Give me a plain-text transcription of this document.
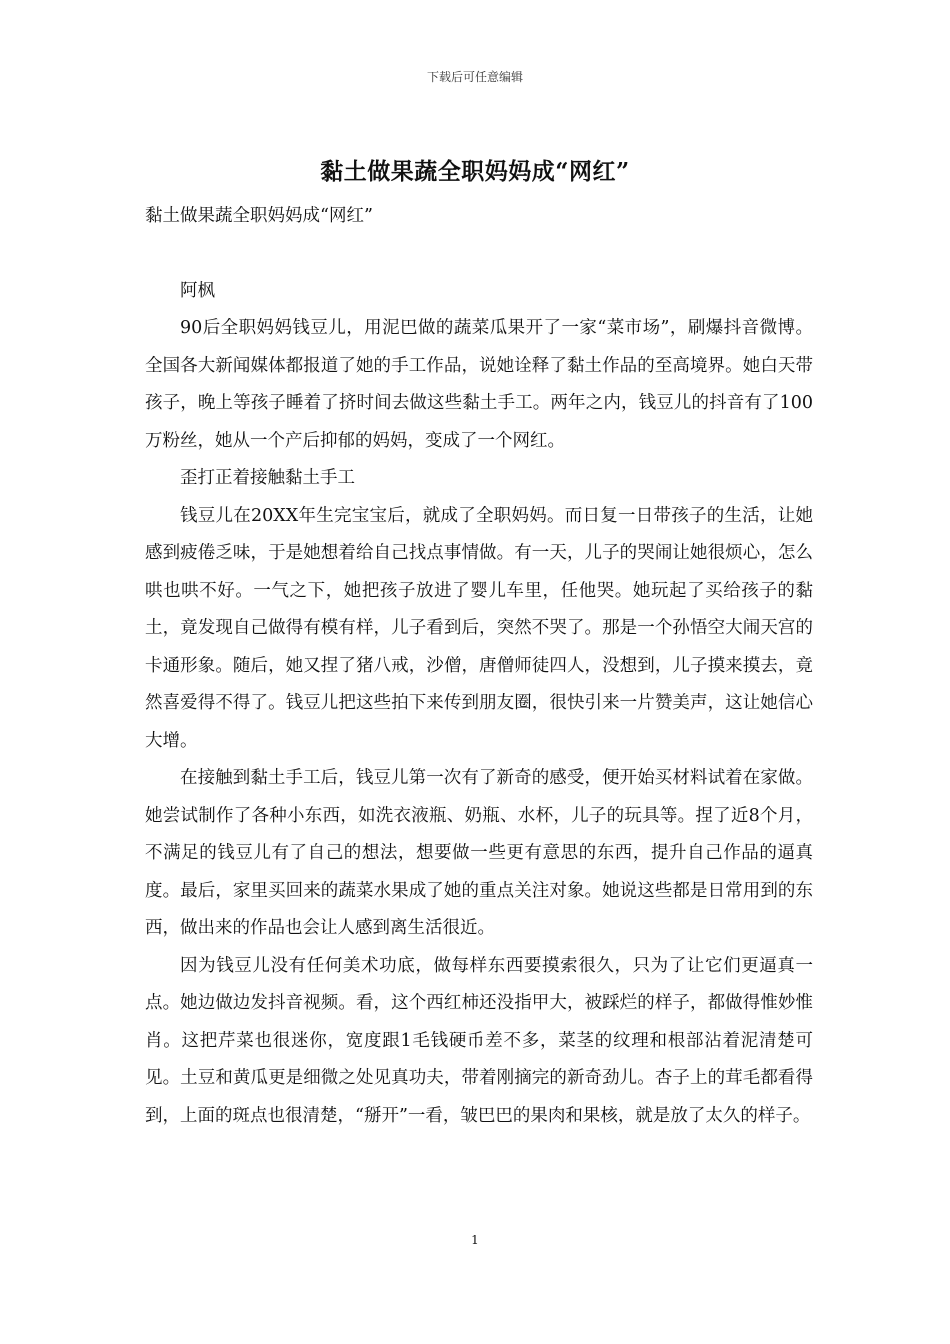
下载后可任意编辑
黏土做果蔬全职妈妈成“网红”

黏土做果蔬全职妈妈成“网红”

阿枫

90后全职妈妈钱豆儿，用泥巴做的蔬菜瓜果开了一家“菜市场”，刷爆抖音微博。全国各大新闻媒体都报道了她的手工作品，说她诠释了黏土作品的至高境界。她白天带孩子，晚上等孩子睡着了挤时间去做这些黏土手工。两年之内，钱豆儿的抖音有了100万粉丝，她从一个产后抑郁的妈妈，变成了一个网红。

歪打正着接触黏土手工

钱豆儿在20XX年生完宝宝后，就成了全职妈妈。而日复一日带孩子的生活，让她感到疲倦乏味，于是她想着给自己找点事情做。有一天，儿子的哭闹让她很烦心，怎么哄也哄不好。一气之下，她把孩子放进了婴儿车里，任他哭。她玩起了买给孩子的黏土，竟发现自己做得有模有样，儿子看到后，突然不哭了。那是一个孙悟空大闹天宫的卡通形象。随后，她又捏了猪八戒，沙僧，唐僧师徒四人，没想到，儿子摸来摸去，竟然喜爱得不得了。钱豆儿把这些拍下来传到朋友圈，很快引来一片赞美声，这让她信心大增。

在接触到黏土手工后，钱豆儿第一次有了新奇的感受，便开始买材料试着在家做。她尝试制作了各种小东西，如洗衣液瓶、奶瓶、水杯，儿子的玩具等。捏了近8个月，不满足的钱豆儿有了自己的想法，想要做一些更有意思的东西，提升自己作品的逼真度。最后，家里买回来的蔬菜水果成了她的重点关注对象。她说这些都是日常用到的东西，做出来的作品也会让人感到离生活很近。

因为钱豆儿没有任何美术功底，做每样东西要摸索很久，只为了让它们更逼真一点。她边做边发抖音视频。看，这个西红柿还没指甲大，被踩烂的样子，都做得惟妙惟肖。这把芹菜也很迷你，宽度跟1毛钱硬币差不多，菜茎的纹理和根部沾着泥清楚可见。土豆和黄瓜更是细微之处见真功夫，带着刚摘完的新奇劲儿。杏子上的茸毛都看得到，上面的斑点也很清楚，“掰开”一看，皱巴巴的果肉和果核，就是放了太久的样子。

1
